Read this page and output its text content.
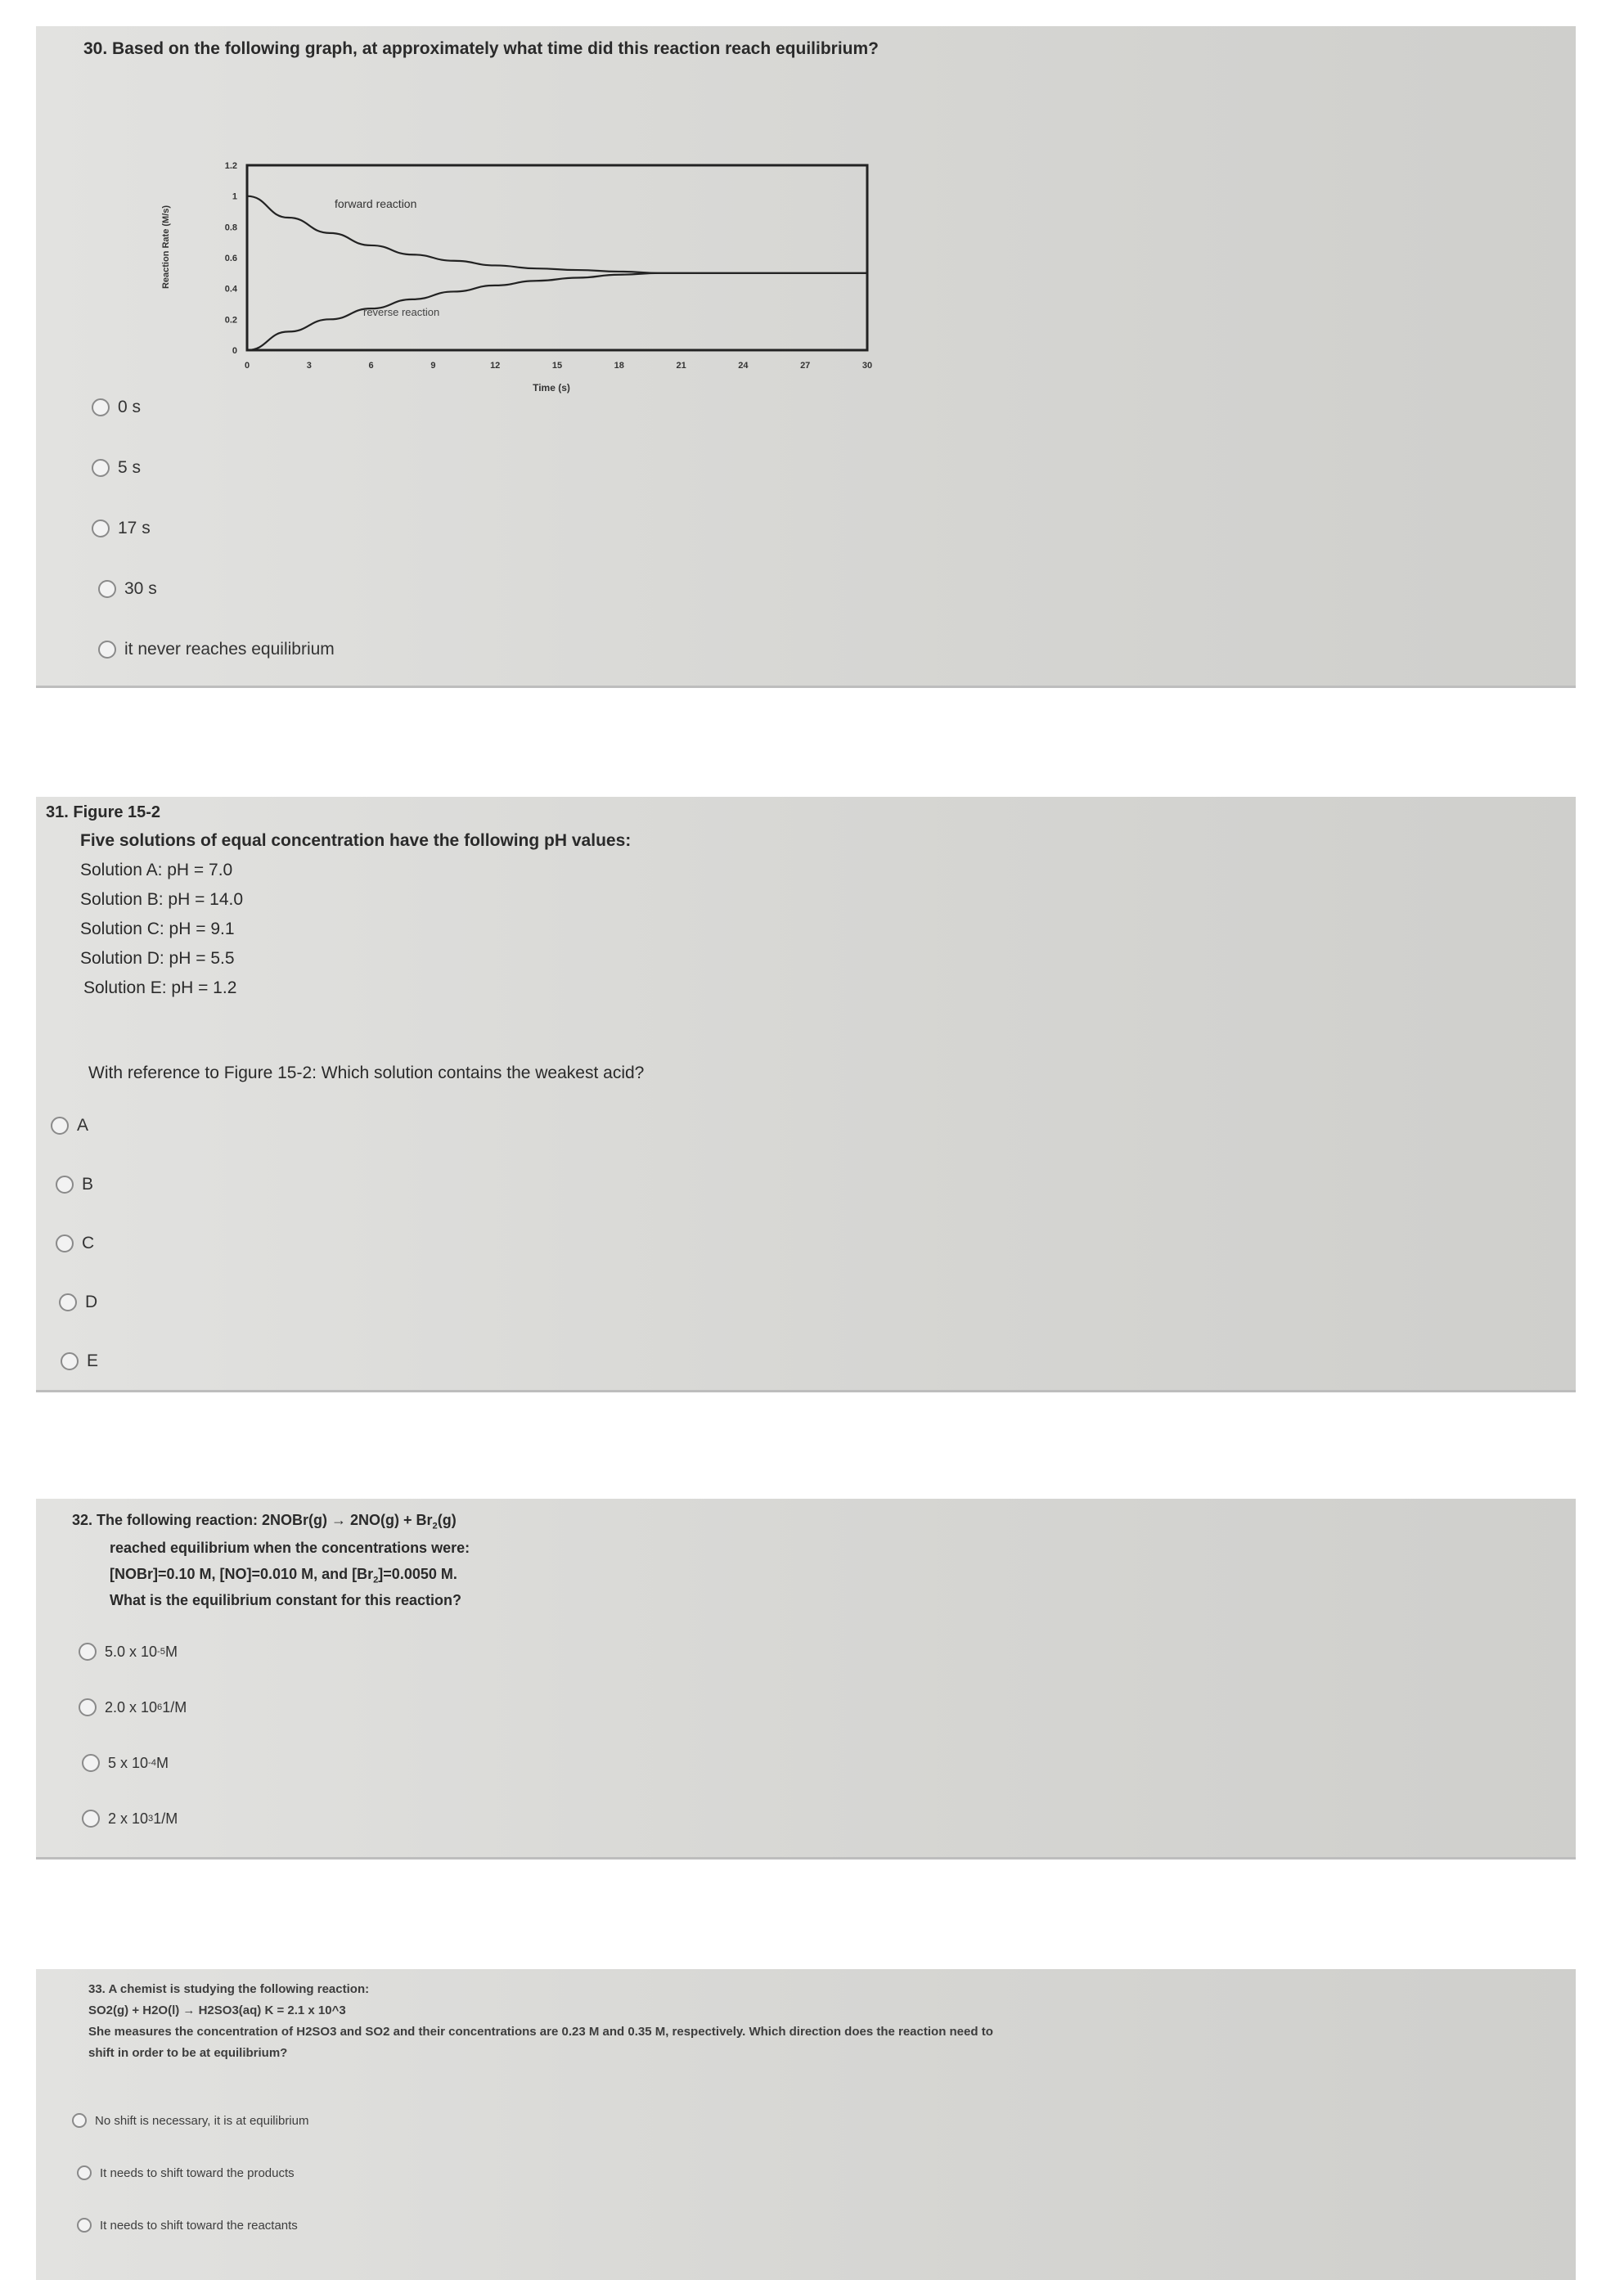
30. Based on the following graph, at approximately what time did this reaction reach equilibrium?
Reaction Rate (M/s)
0	3	6	9	12	15	18	21	24	27	30
0
0.2
0.4
0.6
0.8
1
1.2
Time (s)
forward reaction
reverse reaction
0 s
5 s
17 s
30 s
it never reaches equilibrium
31. Figure 15-2
Five solutions of equal concentration have the following pH values:
Solution A: pH = 7.0
Solution B: pH = 14.0
Solution C: pH = 9.1
Solution D: pH = 5.5
Solution E: pH = 1.2
With reference to Figure 15-2: Which solution contains the weakest acid?
A
B
C
D
E
32. The following reaction: 2NOBr(g) → $2NO(g) + Br_2(g)$
reached equilibrium when the concentrations were:
[NOBr]=0.10 M, [NO]=0.010 M, and $[Br_2]=0.0050$ M.
What is the equilibrium constant for this reaction?
5.0 x 10 -5 M
2.0 x 10 6 1/M
5 x 10 -4 M
2 x 10 3 1/M
33. A chemist is studying the following reaction:
SO2(g) + H2O(l) → H2SO3(aq) K = 2.1 x 10^3
She measures the concentration of H2SO3 and SO2 and their concentrations are 0.23 M and 0.35 M, respectively. Which direction does the reaction need to
shift in order to be at equilibrium?
No shift is necessary, it is at equilibrium
It needs to shift toward the products
It needs to shift toward the reactants
